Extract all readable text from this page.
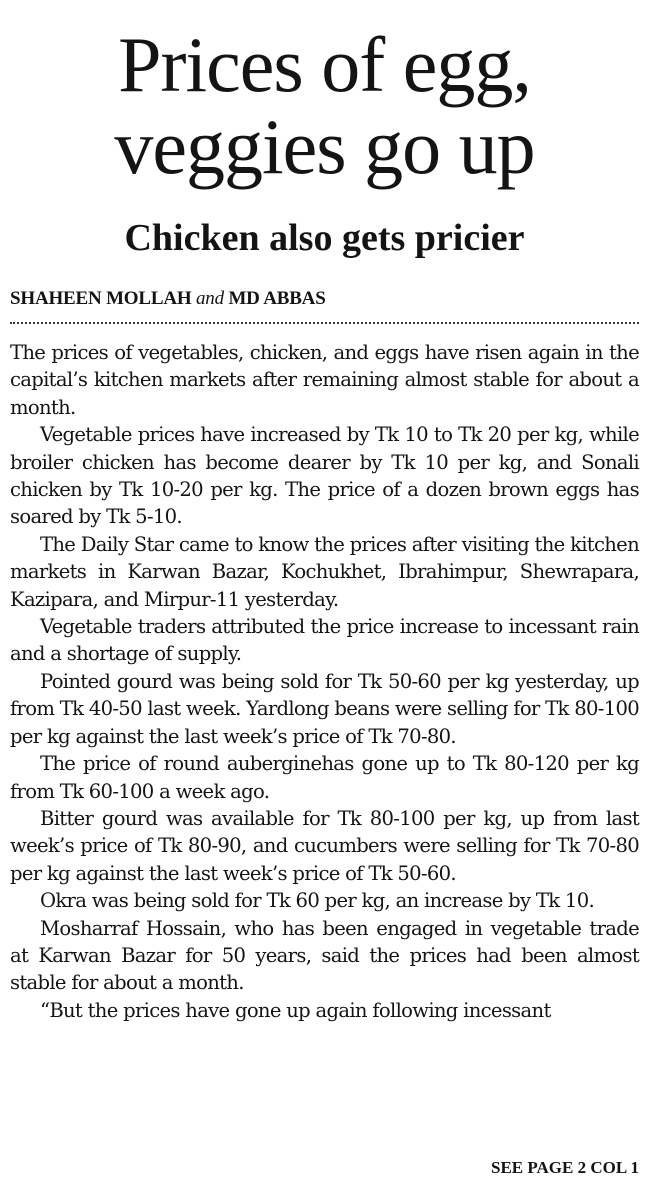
Prices of egg,
veggies go up
Chicken also gets pricier
SHAHEEN MOLLAH and MD ABBAS

The prices of vegetables, chicken, and eggs have risen again in the capital’s kitchen markets after remaining almost stable for about a month.

Vegetable prices have increased by Tk 10 to Tk 20 per kg, while broiler chicken has become dearer by Tk 10 per kg, and Sonali chicken by Tk 10-20 per kg. The price of a dozen brown eggs has soared by Tk 5-10.

The Daily Star came to know the prices after visiting the kitchen markets in Karwan Bazar, Kochukhet, Ibrahimpur, Shewrapara, Kazipara, and Mirpur-11 yesterday.

Vegetable traders attributed the price increase to incessant rain and a shortage of supply.

Pointed gourd was being sold for Tk 50-60 per kg yesterday, up from Tk 40-50 last week. Yardlong beans were selling for Tk 80-100 per kg against the last week’s price of Tk 70-80.

The price of round auberginehas gone up to Tk 80-120 per kg from Tk 60-100 a week ago.

Bitter gourd was available for Tk 80-100 per kg, up from last week’s price of Tk 80-90, and cucumbers were selling for Tk 70-80 per kg against the last week’s price of Tk 50-60.

Okra was being sold for Tk 60 per kg, an increase by Tk 10.

Mosharraf Hossain, who has been engaged in vegetable trade at Karwan Bazar for 50 years, said the prices had been almost stable for about a month.

“But the prices have gone up again following incessant

SEE PAGE 2 COL 1
